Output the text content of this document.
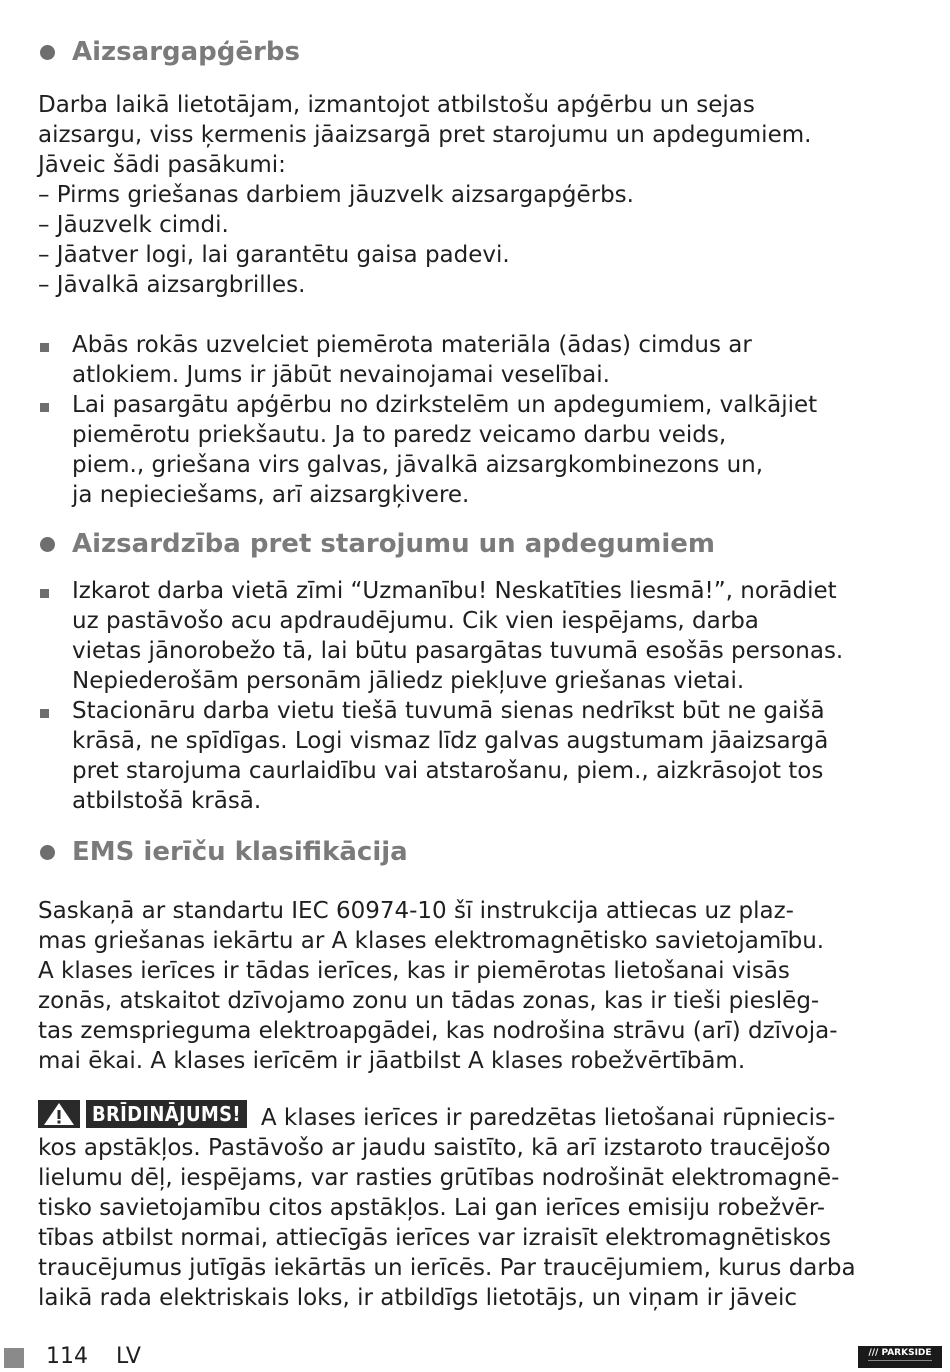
Aizsargapģērbs
Darba laikā lietotājam, izmantojot atbilstošu apģērbu un sejas
aizsargu, viss ķermenis jāaizsargā pret starojumu un apdegumiem.
Jāveic šādi pasākumi:
– Pirms griešanas darbiem jāuzvelk aizsargapģērbs.
– Jāuzvelk cimdi.
– Jāatver logi, lai garantētu gaisa padevi.
– Jāvalkā aizsargbrilles.
Abās rokās uzvelciet piemērota materiāla (ādas) cimdus ar
atlokiem. Jums ir jābūt nevainojamai veselībai.
Lai pasargātu apģērbu no dzirkstelēm un apdegumiem, valkājiet
piemērotu priekšautu. Ja to paredz veicamo darbu veids,
piem., griešana virs galvas, jāvalkā aizsargkombinezons un,
ja nepieciešams, arī aizsargķivere.
Aizsardzība pret starojumu un apdegumiem
Izkarot darba vietā zīmi “Uzmanību! Neskatīties liesmā!”, norādiet
uz pastāvošo acu apdraudējumu. Cik vien iespējams, darba
vietas jānorobežo tā, lai būtu pasargātas tuvumā esošās personas.
Nepiederošām personām jāliedz piekļuve griešanas vietai.
Stacionāru darba vietu tiešā tuvumā sienas nedrīkst būt ne gaišā
krāsā, ne spīdīgas. Logi vismaz līdz galvas augstumam jāaizsargā
pret starojuma caurlaidību vai atstarošanu, piem., aizkrāsojot tos
atbilstošā krāsā.
EMS ierīču klasifikācija
Saskaņā ar standartu IEC 60974-10 šī instrukcija attiecas uz plaz-
mas griešanas iekārtu ar A klases elektromagnētisko savietojamību.
A klases ierīces ir tādas ierīces, kas ir piemērotas lietošanai visās
zonās, atskaitot dzīvojamo zonu un tādas zonas, kas ir tieši pieslēg-
tas zemsprieguma elektroapgādei, kas nodrošina strāvu (arī) dzīvoja-
mai ēkai. A klases ierīcēm ir jāatbilst A klases robežvērtībām.
BRĪDINĀJUMS! A klases ierīces ir paredzētas lietošanai rūpniecis-
kos apstākļos. Pastāvošo ar jaudu saistīto, kā arī izstaroto traucējošo
lielumu dēļ, iespējams, var rasties grūtības nodrošināt elektromagnē-
tisko savietojamību citos apstākļos. Lai gan ierīces emisiju robežvēr-
tības atbilst normai, attiecīgās ierīces var izraisīt elektromagnētiskos
traucējumus jutīgās iekārtās un ierīcēs. Par traucējumiem, kurus darba
laikā rada elektriskais loks, ir atbildīgs lietotājs, un viņam ir jāveic
114 LV	/// PARKSIDE
